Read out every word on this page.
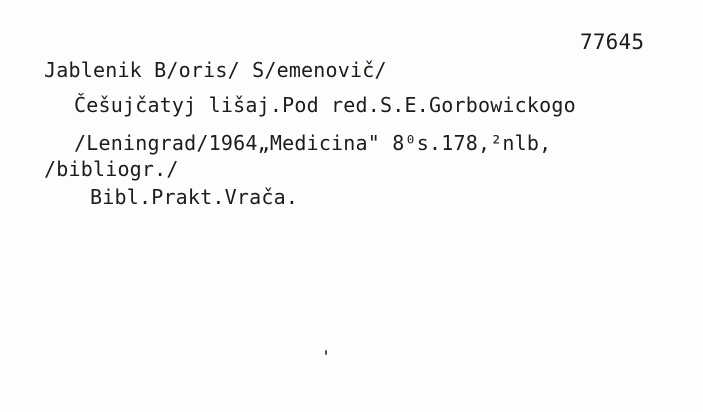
77645
Jablenik B/oris/ S/emenovič/
Češujčatyj lišaj.Pod red.S.E.Gorbowickogo
/Leningrad/1964„Medicina" 8⁰s.178,²nlb,
/bibliogr./
Bibl.Prakt.Vrača.
